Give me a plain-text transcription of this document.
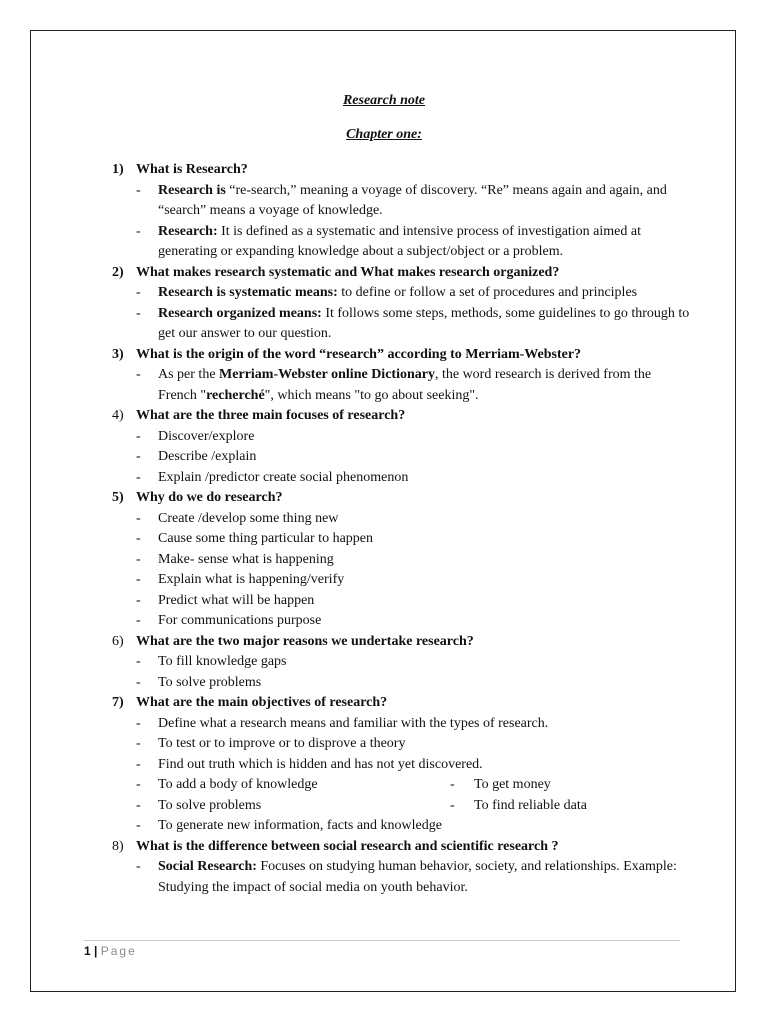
Research note
Chapter one:
1) What is Research?
- Research is “re-search,” meaning a voyage of discovery. “Re” means again and again, and “search” means a voyage of knowledge.
- Research: It is defined as a systematic and intensive process of investigation aimed at generating or expanding knowledge about a subject/object or a problem.
2) What makes research systematic and What makes research organized?
- Research is systematic means: to define or follow a set of procedures and principles
- Research organized means: It follows some steps, methods, some guidelines to go through to get our answer to our question.
3) What is the origin of the word “research” according to Merriam-Webster?
- As per the Merriam-Webster online Dictionary, the word research is derived from the French "recherché", which means "to go about seeking".
4) What are the three main focuses of research?
- Discover/explore
- Describe /explain
- Explain /predictor create social phenomenon
5) Why do we do research?
- Create /develop some thing new
- Cause some thing particular to happen
- Make- sense what is happening
- Explain what is happening/verify
- Predict what will be happen
- For communications purpose
6) What are the two major reasons we undertake research?
- To fill knowledge gaps
- To solve problems
7) What are the main objectives of research?
- Define what a research means and familiar with the types of research.
- To test or to improve or to disprove a theory
- Find out truth which is hidden and has not yet discovered.
- To add a body of knowledge	- To get money
- To solve problems	- To find reliable data
- To generate new information, facts and knowledge
8) What is the difference between social research and scientific research ?
- Social Research: Focuses on studying human behavior, society, and relationships. Example: Studying the impact of social media on youth behavior.
1 | Page
